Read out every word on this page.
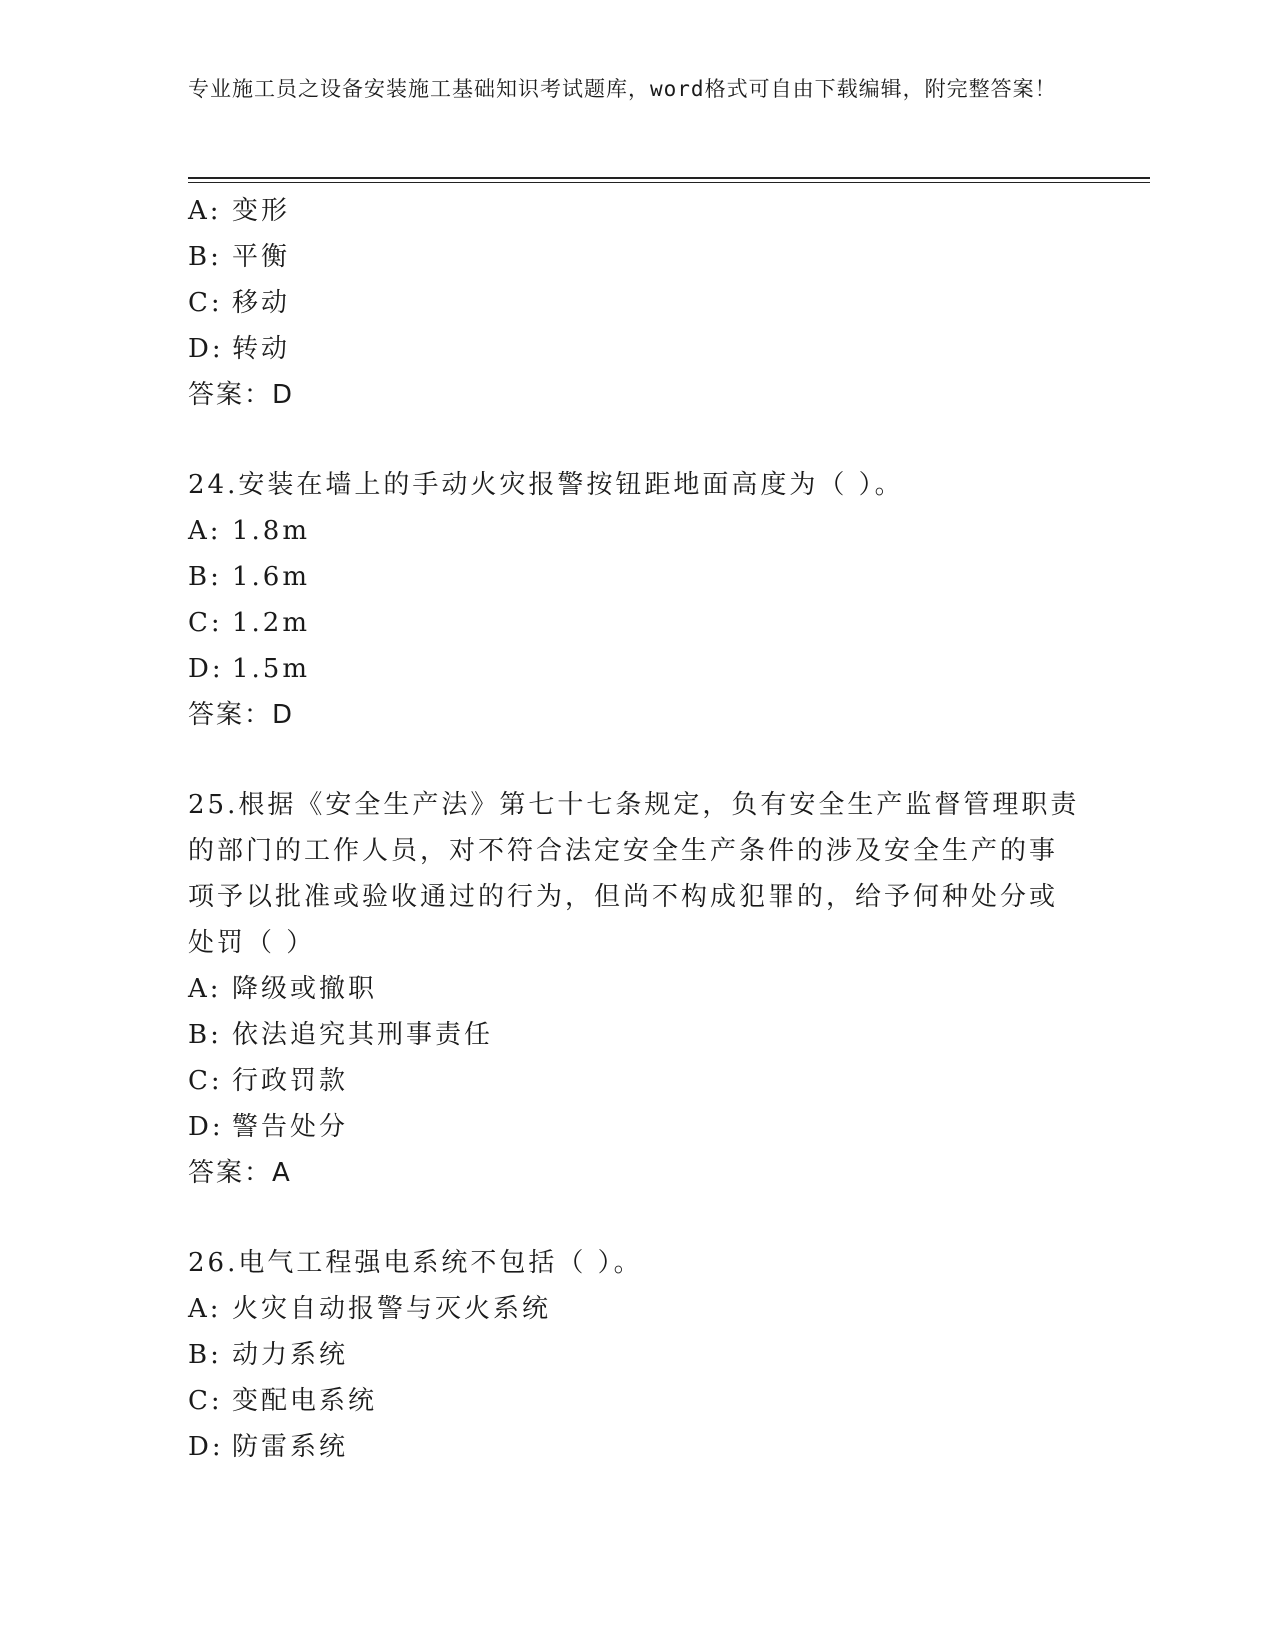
专业施工员之设备安装施工基础知识考试题库，word格式可自由下载编辑，附完整答案！
A: 变形
B: 平衡
C: 移动
D: 转动
答案：D
24.安装在墙上的手动火灾报警按钮距地面高度为（ ）。
A: 1.8m
B: 1.6m
C: 1.2m
D: 1.5m
答案：D
25.根据《安全生产法》第七十七条规定，负有安全生产监督管理职责
的部门的工作人员，对不符合法定安全生产条件的涉及安全生产的事
项予以批准或验收通过的行为，但尚不构成犯罪的，给予何种处分或
处罚（ ）
A: 降级或撤职
B: 依法追究其刑事责任
C: 行政罚款
D: 警告处分
答案：A
26.电气工程强电系统不包括（ ）。
A: 火灾自动报警与灭火系统
B: 动力系统
C: 变配电系统
D: 防雷系统
